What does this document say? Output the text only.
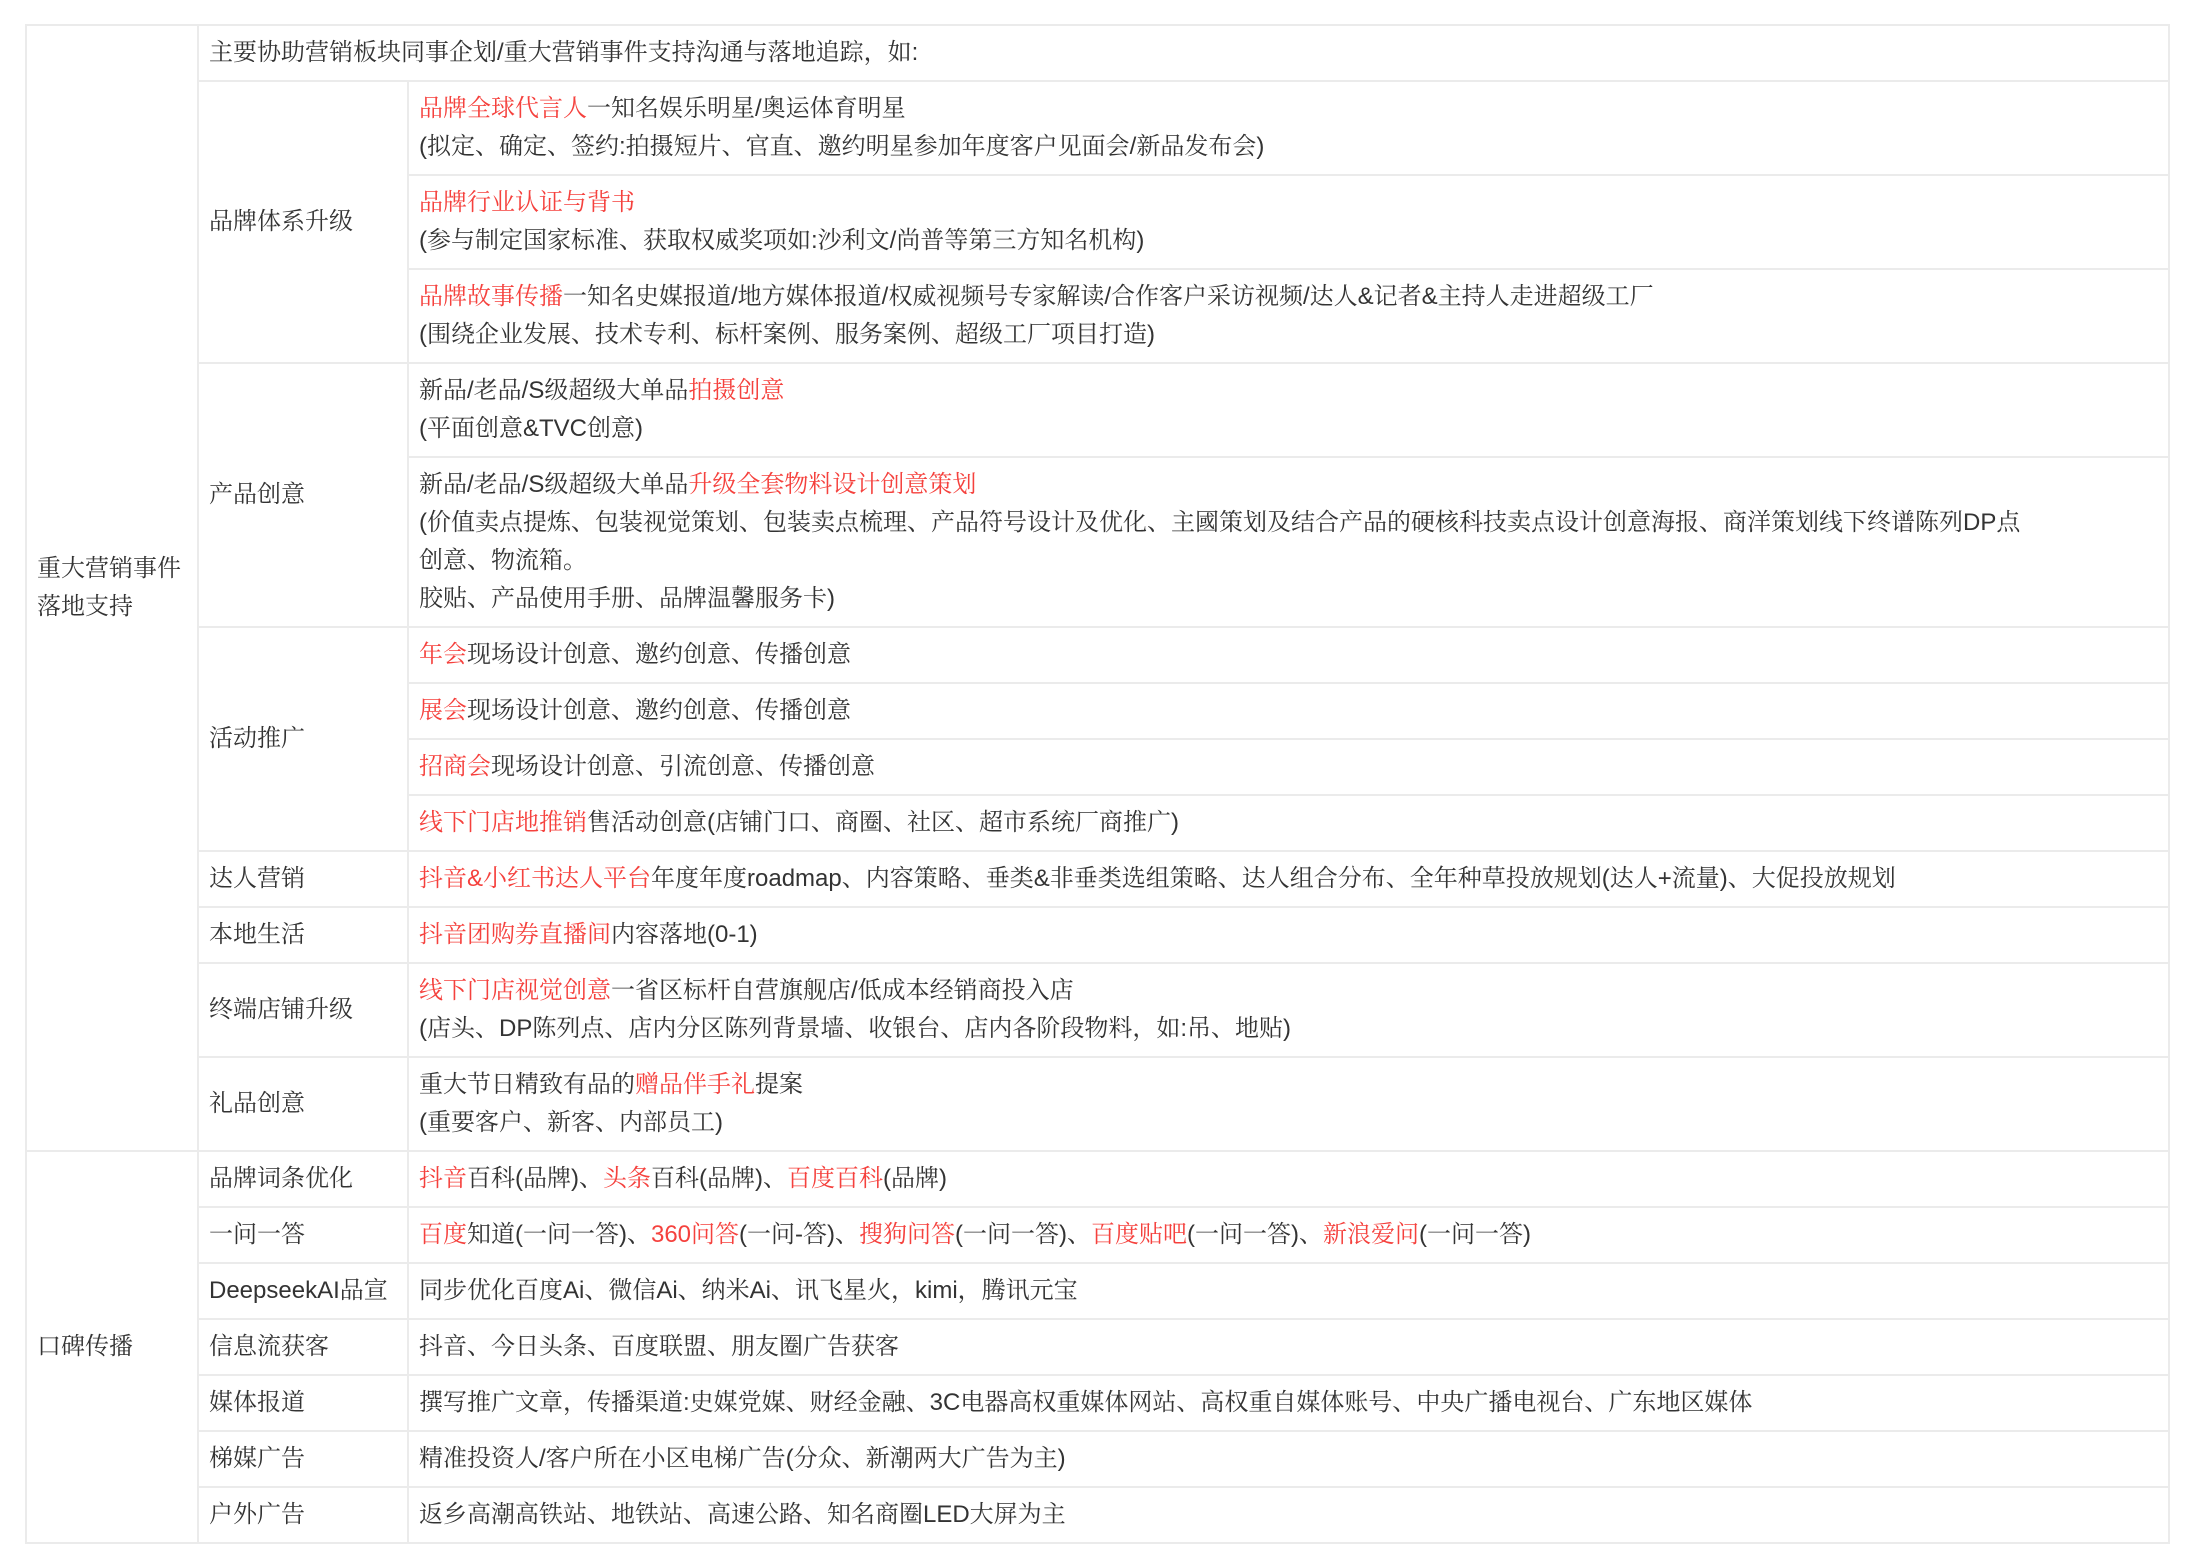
重大营销事件
落地支持	主要协助营销板块同事企划/重大营销事件支持沟通与落地追踪，如:	
	品牌体系升级	品牌全球代言人一知名娱乐明星/奥运体育明星
(拟定、确定、签约:拍摄短片、官直、邀约明星参加年度客户见面会/新品发布会)

		品牌行业认证与背书
(参与制定国家标准、获取权威奖项如:沙利文/尚普等第三方知名机构)

		品牌故事传播一知名史媒报道/地方媒体报道/权威视频号专家解读/合作客户采访视频/达人&记者&主持人走进超级工厂
(围绕企业发展、技术专利、标杆案例、服务案例、超级工厂项目打造)

	产品创意	新品/老品/S级超级大单品拍摄创意
(平面创意&TVC创意)

		新品/老品/S级超级大单品升级全套物料设计创意策划
(价值卖点提炼、包装视觉策划、包装卖点梳理、产品符号设计及优化、主國策划及结合产品的硬核科技卖点设计创意海报、商洋策划线下终谱陈列DP点
创意、物流箱。
胶贴、产品使用手册、品牌温馨服务卡)

	活动推广	年会现场设计创意、邀约创意、传播创意

		展会现场设计创意、邀约创意、传播创意

		招商会现场设计创意、引流创意、传播创意

		线下门店地推销售活动创意(店铺门口、商圈、社区、超市系统厂商推广)

	达人营销	抖音&小红书达人平台年度年度roadmap、内容策略、垂类&非垂类选组策略、达人组合分布、全年种草投放规划(达人+流量)、大促投放规划

	本地生活	抖音团购券直播间内容落地(0-1)

	终端店铺升级	线下门店视觉创意一省区标杆自营旗舰店/低成本经销商投入店
(店头、DP陈列点、店内分区陈列背景墙、收银台、店内各阶段物料，如:吊、地贴)

	礼品创意	重大节日精致有品的赠品伴手礼提案
(重要客户、新客、内部员工)

口碑传播	品牌词条优化	抖音百科(品牌)、头条百科(品牌)、百度百科(品牌)

	一问一答	百度知道(一问一答)、360问答(一问-答)、搜狗问答(一问一答)、百度贴吧(一问一答)、新浪爱问(一问一答)

	DeepseekAI品宣	同步优化百度Ai、微信Ai、纳米Ai、讯飞星火，kimi，腾讯元宝

	信息流获客	抖音、今日头条、百度联盟、朋友圈广告获客

	媒体报道	撰写推广文章，传播渠道:史媒党媒、财经金融、3C电器高权重媒体网站、高权重自媒体账号、中央广播电视台、广东地区媒体

	梯媒广告	精准投资人/客户所在小区电梯广告(分众、新潮两大广告为主)

	户外广告	返乡高潮高铁站、地铁站、高速公路、知名商圈LED大屏为主
